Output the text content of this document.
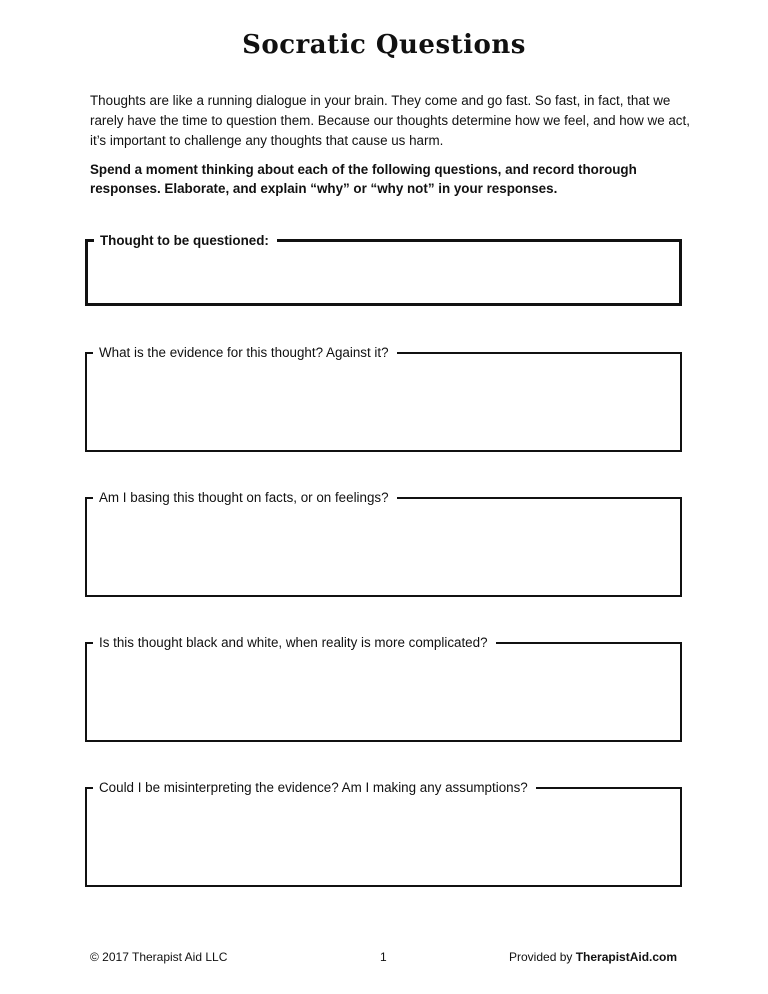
Socratic Questions

Thoughts are like a running dialogue in your brain. They come and go fast. So fast, in fact, that we rarely have the time to question them. Because our thoughts determine how we feel, and how we act, it’s important to challenge any thoughts that cause us harm.

Spend a moment thinking about each of the following questions, and record thorough responses. Elaborate, and explain “why” or “why not” in your responses.

Thought to be questioned:
What is the evidence for this thought? Against it?
Am I basing this thought on facts, or on feelings?
Is this thought black and white, when reality is more complicated?
Could I be misinterpreting the evidence? Am I making any assumptions?
© 2017 Therapist Aid LLC	1	Provided by TherapistAid.com
